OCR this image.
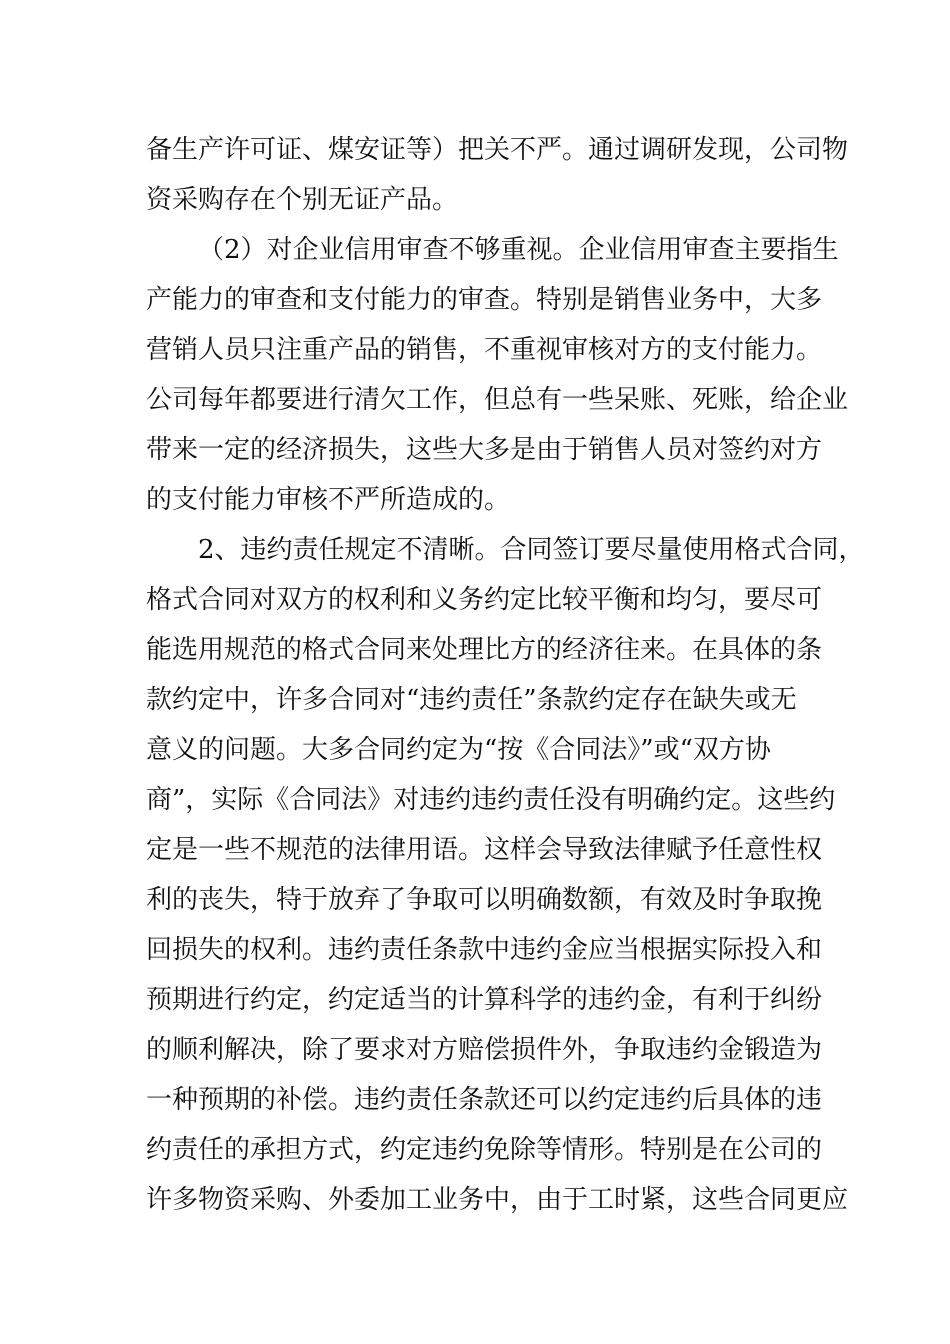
备生产许可证、煤安证等）把关不严。通过调研发现，公司物
资采购存在个别无证产品。
（2）对企业信用审查不够重视。企业信用审查主要指生
产能力的审查和支付能力的审查。特别是销售业务中，大多
营销人员只注重产品的销售，不重视审核对方的支付能力。
公司每年都要进行清欠工作，但总有一些呆账、死账，给企业
带来一定的经济损失，这些大多是由于销售人员对签约对方
的支付能力审核不严所造成的。
2、违约责任规定不清晰。合同签订要尽量使用格式合同，
格式合同对双方的权利和义务约定比较平衡和均匀，要尽可
能选用规范的格式合同来处理比方的经济往来。在具体的条
款约定中，许多合同对“违约责任”条款约定存在缺失或无
意义的问题。大多合同约定为“按《合同法》”或“双方协
商”，实际《合同法》对违约违约责任没有明确约定。这些约
定是一些不规范的法律用语。这样会导致法律赋予任意性权
利的丧失，特于放弃了争取可以明确数额，有效及时争取挽
回损失的权利。违约责任条款中违约金应当根据实际投入和
预期进行约定，约定适当的计算科学的违约金，有利于纠纷
的顺利解决，除了要求对方赔偿损件外，争取违约金锻造为
一种预期的补偿。违约责任条款还可以约定违约后具体的违
约责任的承担方式，约定违约免除等情形。特别是在公司的
许多物资采购、外委加工业务中，由于工时紧，这些合同更应
